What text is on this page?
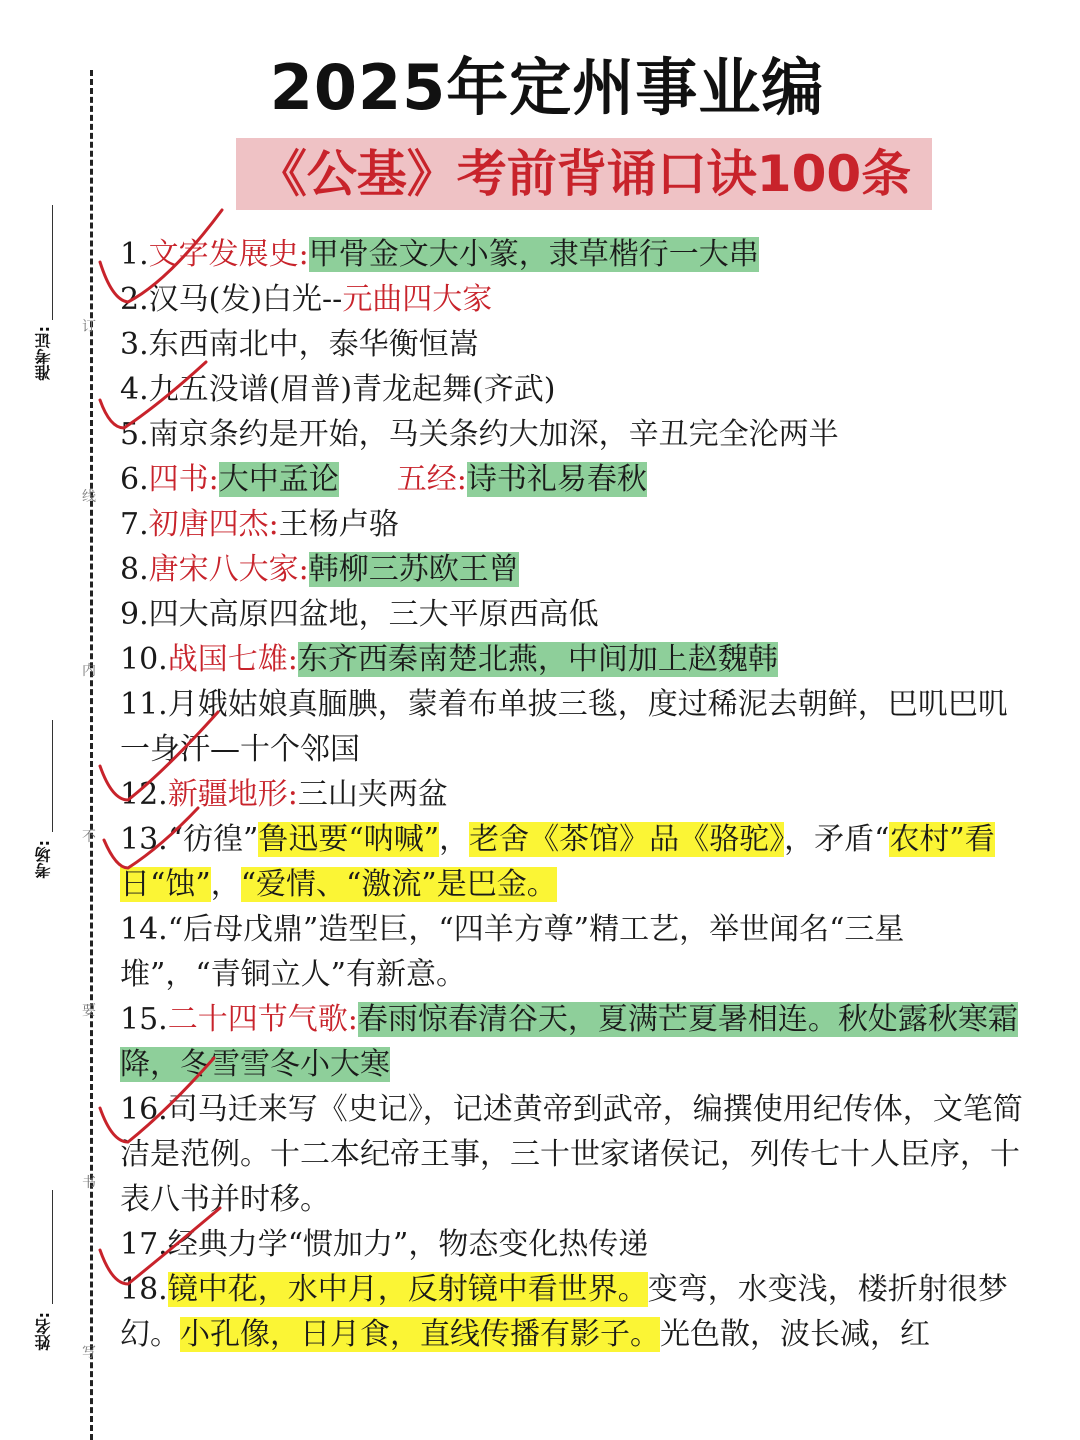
2025年定州事业编
《公基》考前背诵口诀100条
准考证:
考场:
姓名:
订
线
内
不
要
书
写

1.文字发展史:甲骨金文大小篆，隶草楷行一大串

2.汉马(发)白光--元曲四大家

3.东西南北中，泰华衡恒嵩

4.九五没谱(眉普)青龙起舞(齐武)

5.南京条约是开始，马关条约大加深，辛丑完全沦两半

6.四书:大中孟论 五经:诗书礼易春秋

7.初唐四杰:王杨卢骆

8.唐宋八大家:韩柳三苏欧王曾

9.四大高原四盆地，三大平原西高低

10.战国七雄:东齐西秦南楚北燕，中间加上赵魏韩

11.月娥姑娘真腼腆，蒙着布单披三毯，度过稀泥去朝鲜，巴叽巴叽一身汗—十个邻国

12.新疆地形:三山夹两盆

13.“彷徨”鲁迅要“呐喊”，老舍《茶馆》品《骆驼》，矛盾“农村”看日“蚀”，“爱情、“激流”是巴金。

14.“后母戊鼎”造型巨，“四羊方尊”精工艺，举世闻名“三星堆”，“青铜立人”有新意。

15.二十四节气歌:春雨惊春清谷天，夏满芒夏暑相连。秋处露秋寒霜降，冬雪雪冬小大寒

16.司马迁来写《史记》，记述黄帝到武帝，编撰使用纪传体，文笔简洁是范例。十二本纪帝王事，三十世家诸侯记，列传七十人臣序，十表八书并时移。

17.经典力学“惯加力”，物态变化热传递

18.镜中花，水中月，反射镜中看世界。变弯，水变浅，楼折射很梦幻。小孔像，日月食，直线传播有影子。光色散，波长减，红
